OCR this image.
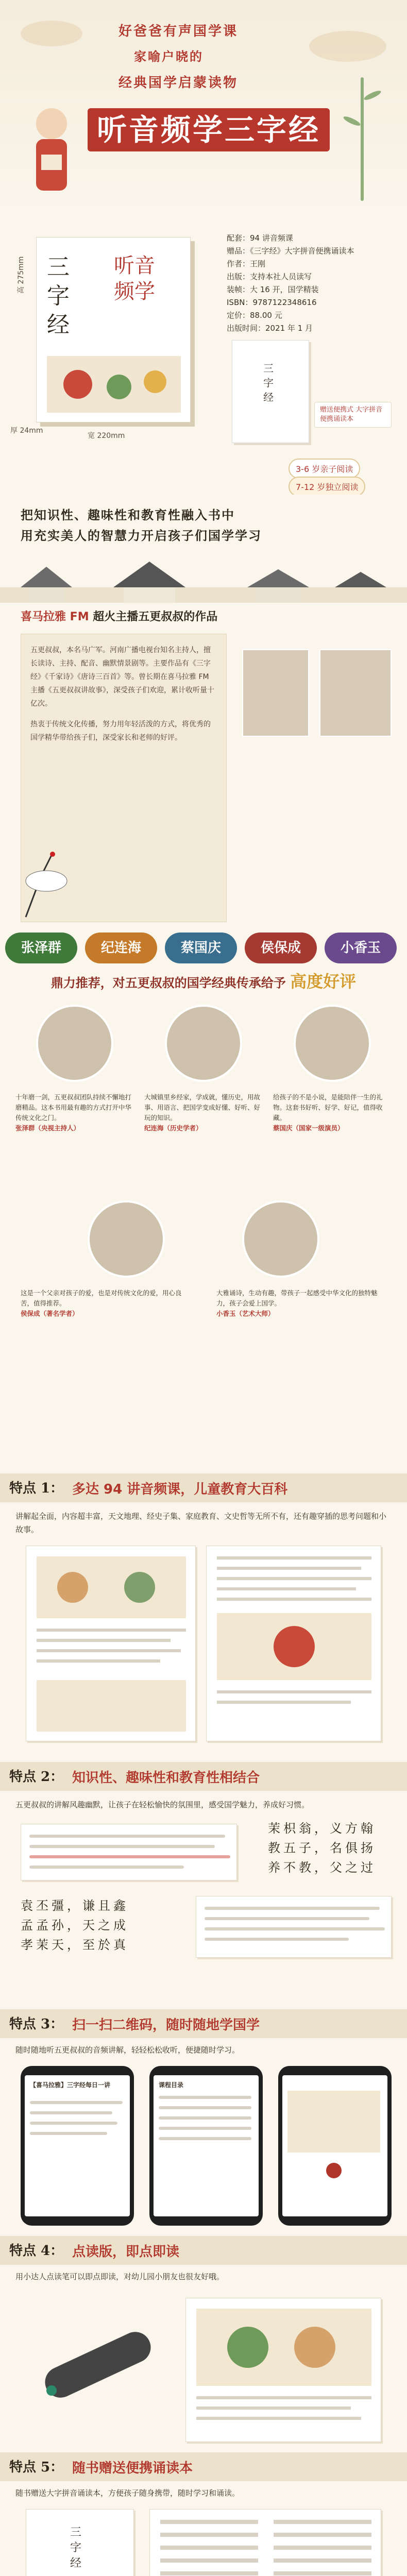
好爸爸有声国学课
家喻户晓的
经典国学启蒙读物
听音频学三字经
三字经
听音频学
高 275mm
宽 220mm
厚 24mm
配套：94 讲音频课
赠品：《三字经》大字拼音便携诵读本
作者：王刚
出版：支持本社人员读写
装帧：大 16 开，国学精装
ISBN：9787122348616
定价：88.00 元
出版时间：2021 年 1 月
三字经
赠送便携式 大字拼音便携诵读本
3-6 岁亲子阅读
7-12 岁独立阅读
把知识性、趣味性和教育性融入书中
用充实美人的智慧力开启孩子们国学学习
喜马拉雅 FM 超火主播五更叔叔的作品

五更叔叔，本名马广军。河南广播电视台知名主持人，擅长读诗、主持、配音、幽默情景剧等。主要作品有《三字经》《千家诗》《唐诗三百首》等。曾长期在喜马拉雅 FM 主播《五更叔叔讲故事》，深受孩子们欢迎，累计收听量十亿次。

热衷于传统文化传播，努力用年轻活泼的方式，将优秀的国学精华带给孩子们，深受家长和老师的好评。

张泽群	纪连海	蔡国庆	侯保成	小香玉
鼎力推荐，对五更叔叔的国学经典传承给予 高度好评
十年磨一剑，五更叔叔团队持续不懈地打磨精品。这本书用最有趣的方式打开中华传统文化之门。
张泽群（央视主持人）
大城镇里乡经家，学成就，懂历史，用故事、用语言、把国学变成好懂、好听、好玩的知识。
纪连海（历史学者）
给孩子的不是小说，是能陪伴一生的礼物。这套书好听、好学、好记，值得收藏。
蔡国庆（国家一级演员）
这是一个父亲对孩子的爱，也是对传统文化的爱，用心良苦，值得推荐。
侯保成（著名学者）
大雅诵诗，生动有趣，带孩子一起感受中华文化的独特魅力，孩子会爱上国学。
小香玉（艺术大师）
特点 1： 多达 94 讲音频课，儿童教育大百科
讲解起全面，内容超丰富，天文地理、经史子集、家庭教育、文史哲等无所不有，还有趣穿插的思考问题和小故事。
特点 2： 知识性、趣味性和教育性相结合
五更叔叔的讲解风趣幽默，让孩子在轻松愉快的氛围里，感受国学魅力，养成好习惯。
茉枳翁，义方翰
教五子，名俱扬
养不教，父之过
袁丕彊，谦且鑫
孟孟孙，天之成
孝茉天，至於真
特点 3： 扫一扫二维码，随时随地学国学
随时随地听五更叔叔的音频讲解，轻轻松松收听，便捷随时学习。
【喜马拉雅】三字经每日一讲	课程目录
特点 4： 点读版，即点即读
用小达人点读笔可以即点即读，对幼儿园小朋友也很友好哦。
特点 5： 随书赠送便携诵读本
随书赠送大字拼音诵读本，方便孩子随身携带，随时学习和诵读。
三字经
